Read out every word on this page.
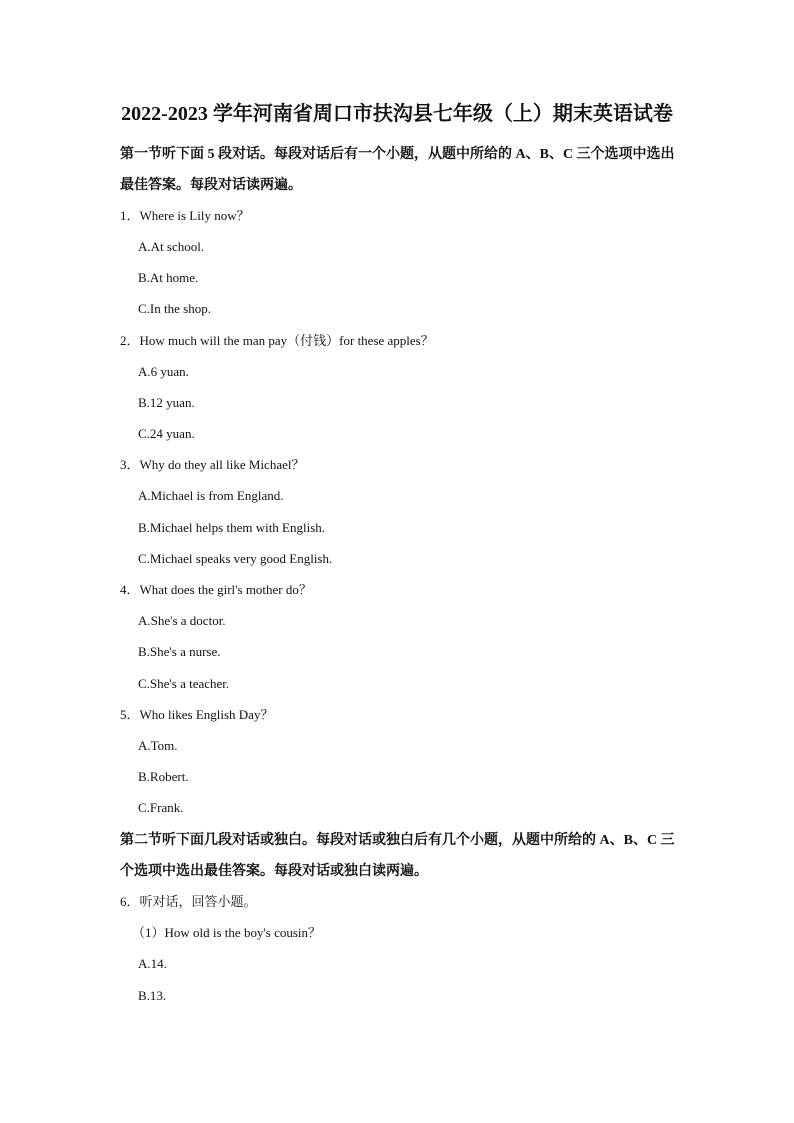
2022-2023 学年河南省周口市扶沟县七年级（上）期末英语试卷
第一节听下面 5 段对话。每段对话后有一个小题，从题中所给的 A、B、C 三个选项中选出最佳答案。每段对话读两遍。
1．Where is Lily now？
A.At school.
B.At home.
C.In the shop.
2．How much will the man pay（付钱）for these apples？
A.6 yuan.
B.12 yuan.
C.24 yuan.
3．Why do they all like Michael？
A.Michael is from England.
B.Michael helps them with English.
C.Michael speaks very good English.
4．What does the girl's mother do？
A.She's a doctor.
B.She's a nurse.
C.She's a teacher.
5．Who likes English Day？
A.Tom.
B.Robert.
C.Frank.
第二节听下面几段对话或独白。每段对话或独白后有几个小题，从题中所给的 A、B、C 三个选项中选出最佳答案。每段对话或独白读两遍。
6．听对话，回答小题。
（1）How old is the boy's cousin？
A.14.
B.13.
